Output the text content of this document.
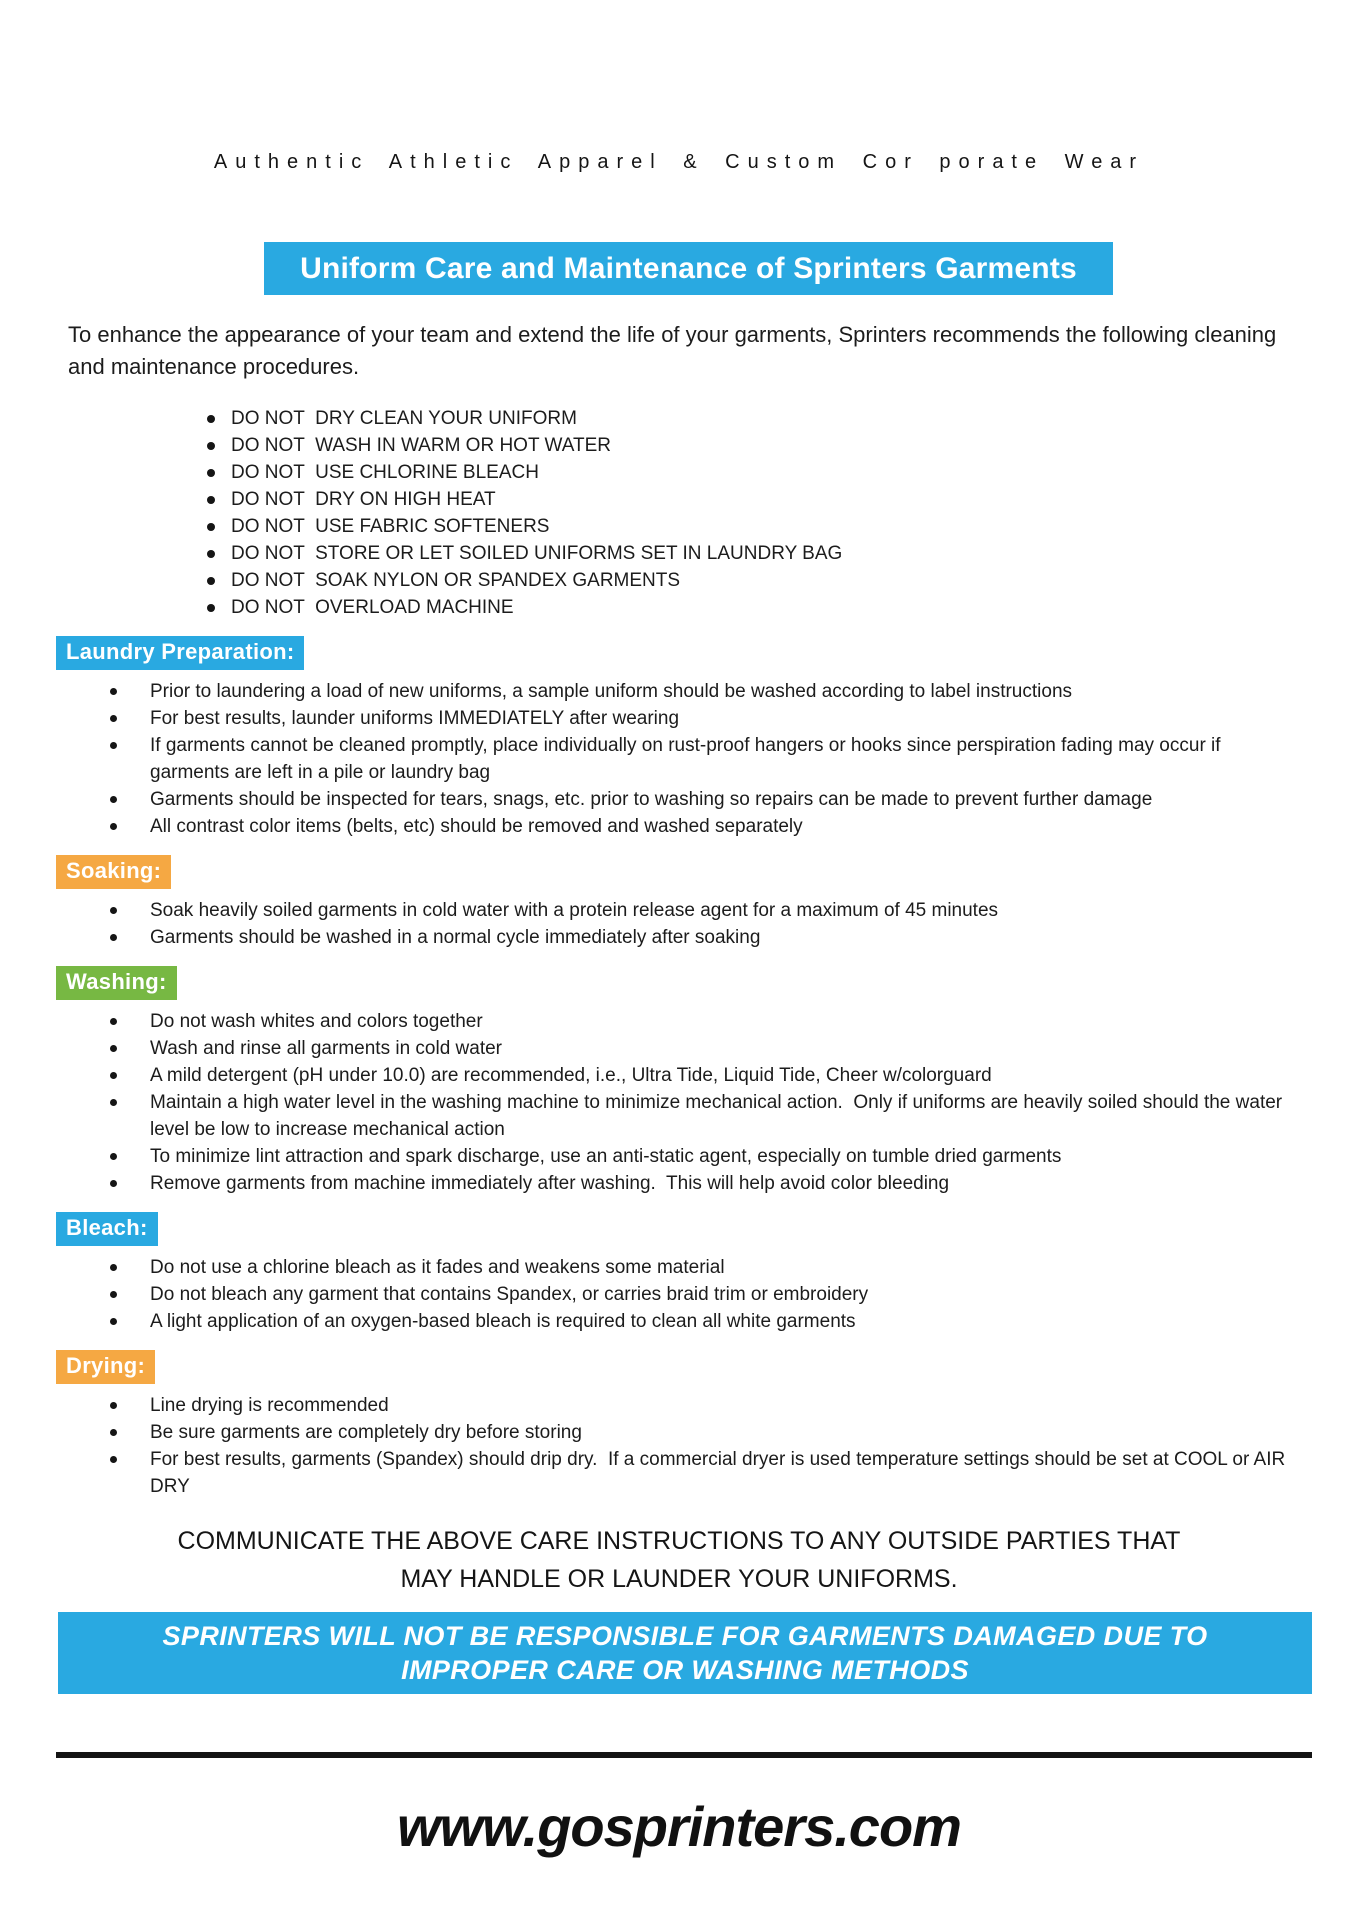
Authentic Athletic Apparel & Custom Cor porate Wear
Uniform Care and Maintenance of Sprinters Garments

To enhance the appearance of your team and extend the life of your garments, Sprinters recommends the following cleaning and maintenance procedures.

DO NOT  DRY CLEAN YOUR UNIFORM
DO NOT  WASH IN WARM OR HOT WATER
DO NOT  USE CHLORINE BLEACH
DO NOT  DRY ON HIGH HEAT
DO NOT  USE FABRIC SOFTENERS
DO NOT  STORE OR LET SOILED UNIFORMS SET IN LAUNDRY BAG
DO NOT  SOAK NYLON OR SPANDEX GARMENTS
DO NOT  OVERLOAD MACHINE
Laundry Preparation:
Prior to laundering a load of new uniforms, a sample uniform should be washed according to label instructions
For best results, launder uniforms IMMEDIATELY after wearing
If garments cannot be cleaned promptly, place individually on rust-proof hangers or hooks since perspiration fading may occur if garments are left in a pile or laundry bag
Garments should be inspected for tears, snags, etc. prior to washing so repairs can be made to prevent further damage
All contrast color items (belts, etc) should be removed and washed separately
Soaking:
Soak heavily soiled garments in cold water with a protein release agent for a maximum of 45 minutes
Garments should be washed in a normal cycle immediately after soaking
Washing:
Do not wash whites and colors together
Wash and rinse all garments in cold water
A mild detergent (pH under 10.0) are recommended, i.e., Ultra Tide, Liquid Tide, Cheer w/colorguard
Maintain a high water level in the washing machine to minimize mechanical action.  Only if uniforms are heavily soiled should the water level be low to increase mechanical action
To minimize lint attraction and spark discharge, use an anti-static agent, especially on tumble dried garments
Remove garments from machine immediately after washing.  This will help avoid color bleeding
Bleach:
Do not use a chlorine bleach as it fades and weakens some material
Do not bleach any garment that contains Spandex, or carries braid trim or embroidery
A light application of an oxygen-based bleach is required to clean all white garments
Drying:
Line drying is recommended
Be sure garments are completely dry before storing
For best results, garments (Spandex) should drip dry.  If a commercial dryer is used temperature settings should be set at COOL or AIR DRY
COMMUNICATE THE ABOVE CARE INSTRUCTIONS TO ANY OUTSIDE PARTIES THAT
MAY HANDLE OR LAUNDER YOUR UNIFORMS.
SPRINTERS WILL NOT BE RESPONSIBLE FOR GARMENTS DAMAGED DUE TO
IMPROPER CARE OR WASHING METHODS
www.gosprinters.com
